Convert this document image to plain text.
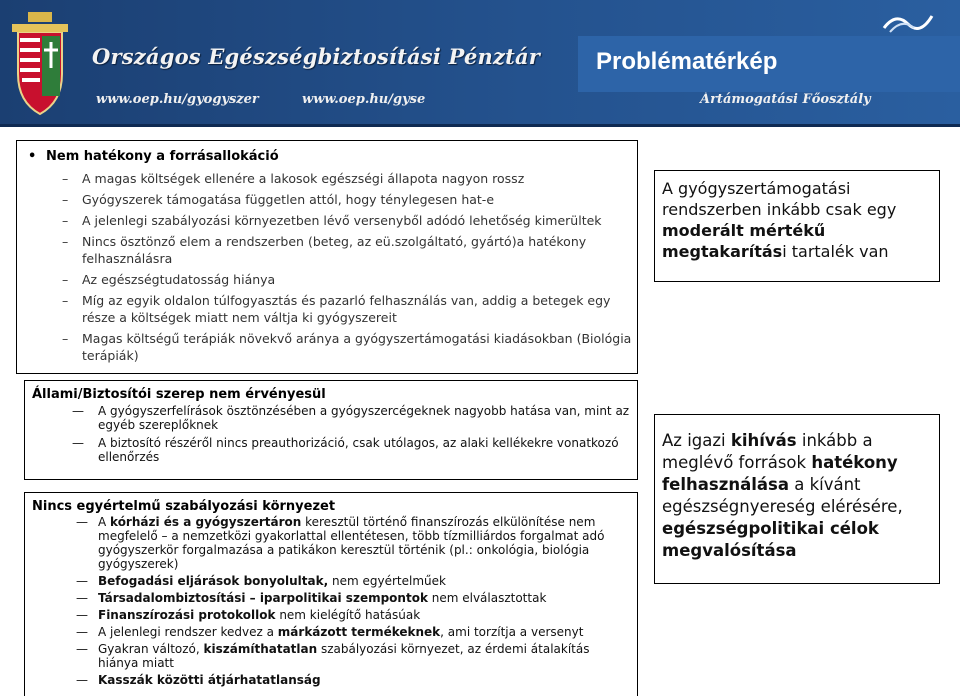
Országos Egészségbiztosítási Pénztár
www.oep.hu/gyogyszer	www.oep.hu/gyse	Ártámogatási Főosztály
Problématérkép
• Nem hatékony a forrásallokáció
– A magas költségek ellenére a lakosok egészségi állapota nagyon rossz
– Gyógyszerek támogatása független attól, hogy ténylegesen hat-e
– A jelenlegi szabályozási környezetben lévő versenyből adódó lehetőség kimerültek
– Nincs ösztönző elem a rendszerben (beteg, az eü.szolgáltató, gyártó)a hatékony felhasználásra
– Az egészségtudatosság hiánya
– Míg az egyik oldalon túlfogyasztás és pazarló felhasználás van, addig a betegek egy része a költségek miatt nem váltja ki gyógyszereit
– Magas költségű terápiák növekvő aránya a gyógyszertámogatási kiadásokban (Biológia terápiák)
Állami/Biztosítói szerep nem érvényesül
— A gyógyszerfelírások ösztönzésében a gyógyszercégeknek nagyobb hatása van, mint az egyéb szereplőknek
— A biztosító részéről nincs preauthorizáció, csak utólagos, az alaki kellékekre vonatkozó ellenőrzés
Nincs egyértelmű szabályozási környezet
— A kórházi és a gyógyszertáron keresztül történő finanszírozás elkülönítése nem megfelelő – a nemzetközi gyakorlattal ellentétesen, több tízmilliárdos forgalmat adó gyógyszerkör forgalmazása a patikákon keresztül történik (pl.: onkológia, biológia gyógyszerek)
— Befogadási eljárások bonyolultak, nem egyértelműek
— Társadalombiztosítási – iparpolitikai szempontok nem elválasztottak
— Finanszírozási protokollok nem kielégítő hatásúak
— A jelenlegi rendszer kedvez a márkázott termékeknek, ami torzítja a versenyt
— Gyakran változó, kiszámíthatatlan szabályozási környezet, az érdemi átalakítás hiánya miatt
— Kasszák közötti átjárhatatlanság
A gyógyszertámogatási rendszerben inkább csak egy moderált mértékű megtakarítási tartalék van
Az igazi kihívás inkább a meglévő források hatékony felhasználása a kívánt egészségnyereség elérésére, egészségpolitikai célok megvalósítása
